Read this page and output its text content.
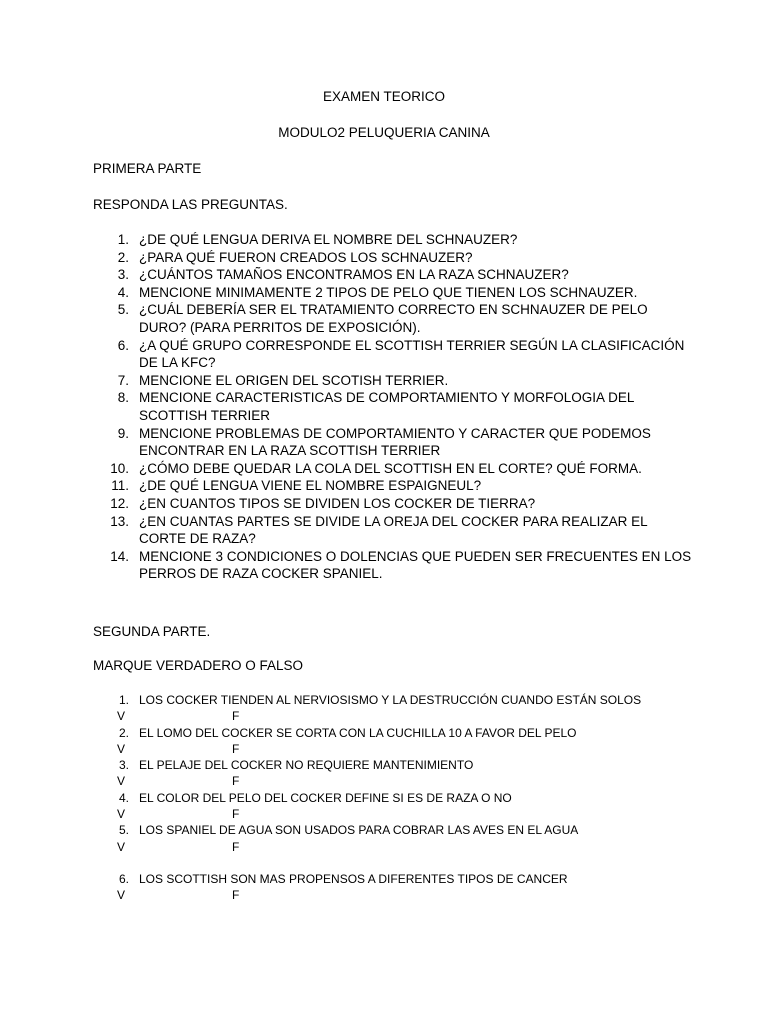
EXAMEN TEORICO
MODULO2 PELUQUERIA CANINA
PRIMERA PARTE
RESPONDA LAS PREGUNTAS.
1. ¿DE QUÉ LENGUA DERIVA EL NOMBRE DEL SCHNAUZER?
2. ¿PARA QUÉ FUERON CREADOS LOS SCHNAUZER?
3. ¿CUÁNTOS TAMAÑOS ENCONTRAMOS EN LA RAZA SCHNAUZER?
4. MENCIONE MINIMAMENTE 2 TIPOS DE PELO QUE TIENEN LOS SCHNAUZER.
5. ¿CUÁL DEBERÍA SER EL TRATAMIENTO CORRECTO EN SCHNAUZER DE PELO DURO? (PARA PERRITOS DE EXPOSICIÓN).
6. ¿A QUÉ GRUPO CORRESPONDE EL SCOTTISH TERRIER SEGÚN LA CLASIFICACIÓN DE LA KFC?
7. MENCIONE EL ORIGEN DEL SCOTISH TERRIER.
8. MENCIONE CARACTERISTICAS DE COMPORTAMIENTO Y MORFOLOGIA DEL SCOTTISH TERRIER
9. MENCIONE PROBLEMAS DE COMPORTAMIENTO Y CARACTER QUE PODEMOS ENCONTRAR EN LA RAZA SCOTTISH TERRIER
10. ¿CÓMO DEBE QUEDAR LA COLA DEL SCOTTISH EN EL CORTE? QUÉ FORMA.
11. ¿DE QUÉ LENGUA VIENE EL NOMBRE ESPAIGNEUL?
12. ¿EN CUANTOS TIPOS SE DIVIDEN LOS COCKER DE TIERRA?
13. ¿EN CUANTAS PARTES SE DIVIDE LA OREJA DEL COCKER PARA REALIZAR EL CORTE DE RAZA?
14. MENCIONE 3 CONDICIONES O DOLENCIAS QUE PUEDEN SER FRECUENTES EN LOS PERROS DE RAZA COCKER SPANIEL.
SEGUNDA PARTE.
MARQUE VERDADERO O FALSO
1. LOS COCKER TIENDEN AL NERVIOSISMO Y LA DESTRUCCIÓN CUANDO ESTÁN SOLOS
V	F
2. EL LOMO DEL COCKER SE CORTA CON LA CUCHILLA 10 A FAVOR DEL PELO
V	F
3. EL PELAJE DEL COCKER NO REQUIERE MANTENIMIENTO
V	F
4. EL COLOR DEL PELO DEL COCKER DEFINE SI ES DE RAZA O NO
V	F
5. LOS SPANIEL DE AGUA SON USADOS PARA COBRAR LAS AVES EN EL AGUA
V	F
6. LOS SCOTTISH SON MAS PROPENSOS A DIFERENTES TIPOS DE CANCER
V	F
